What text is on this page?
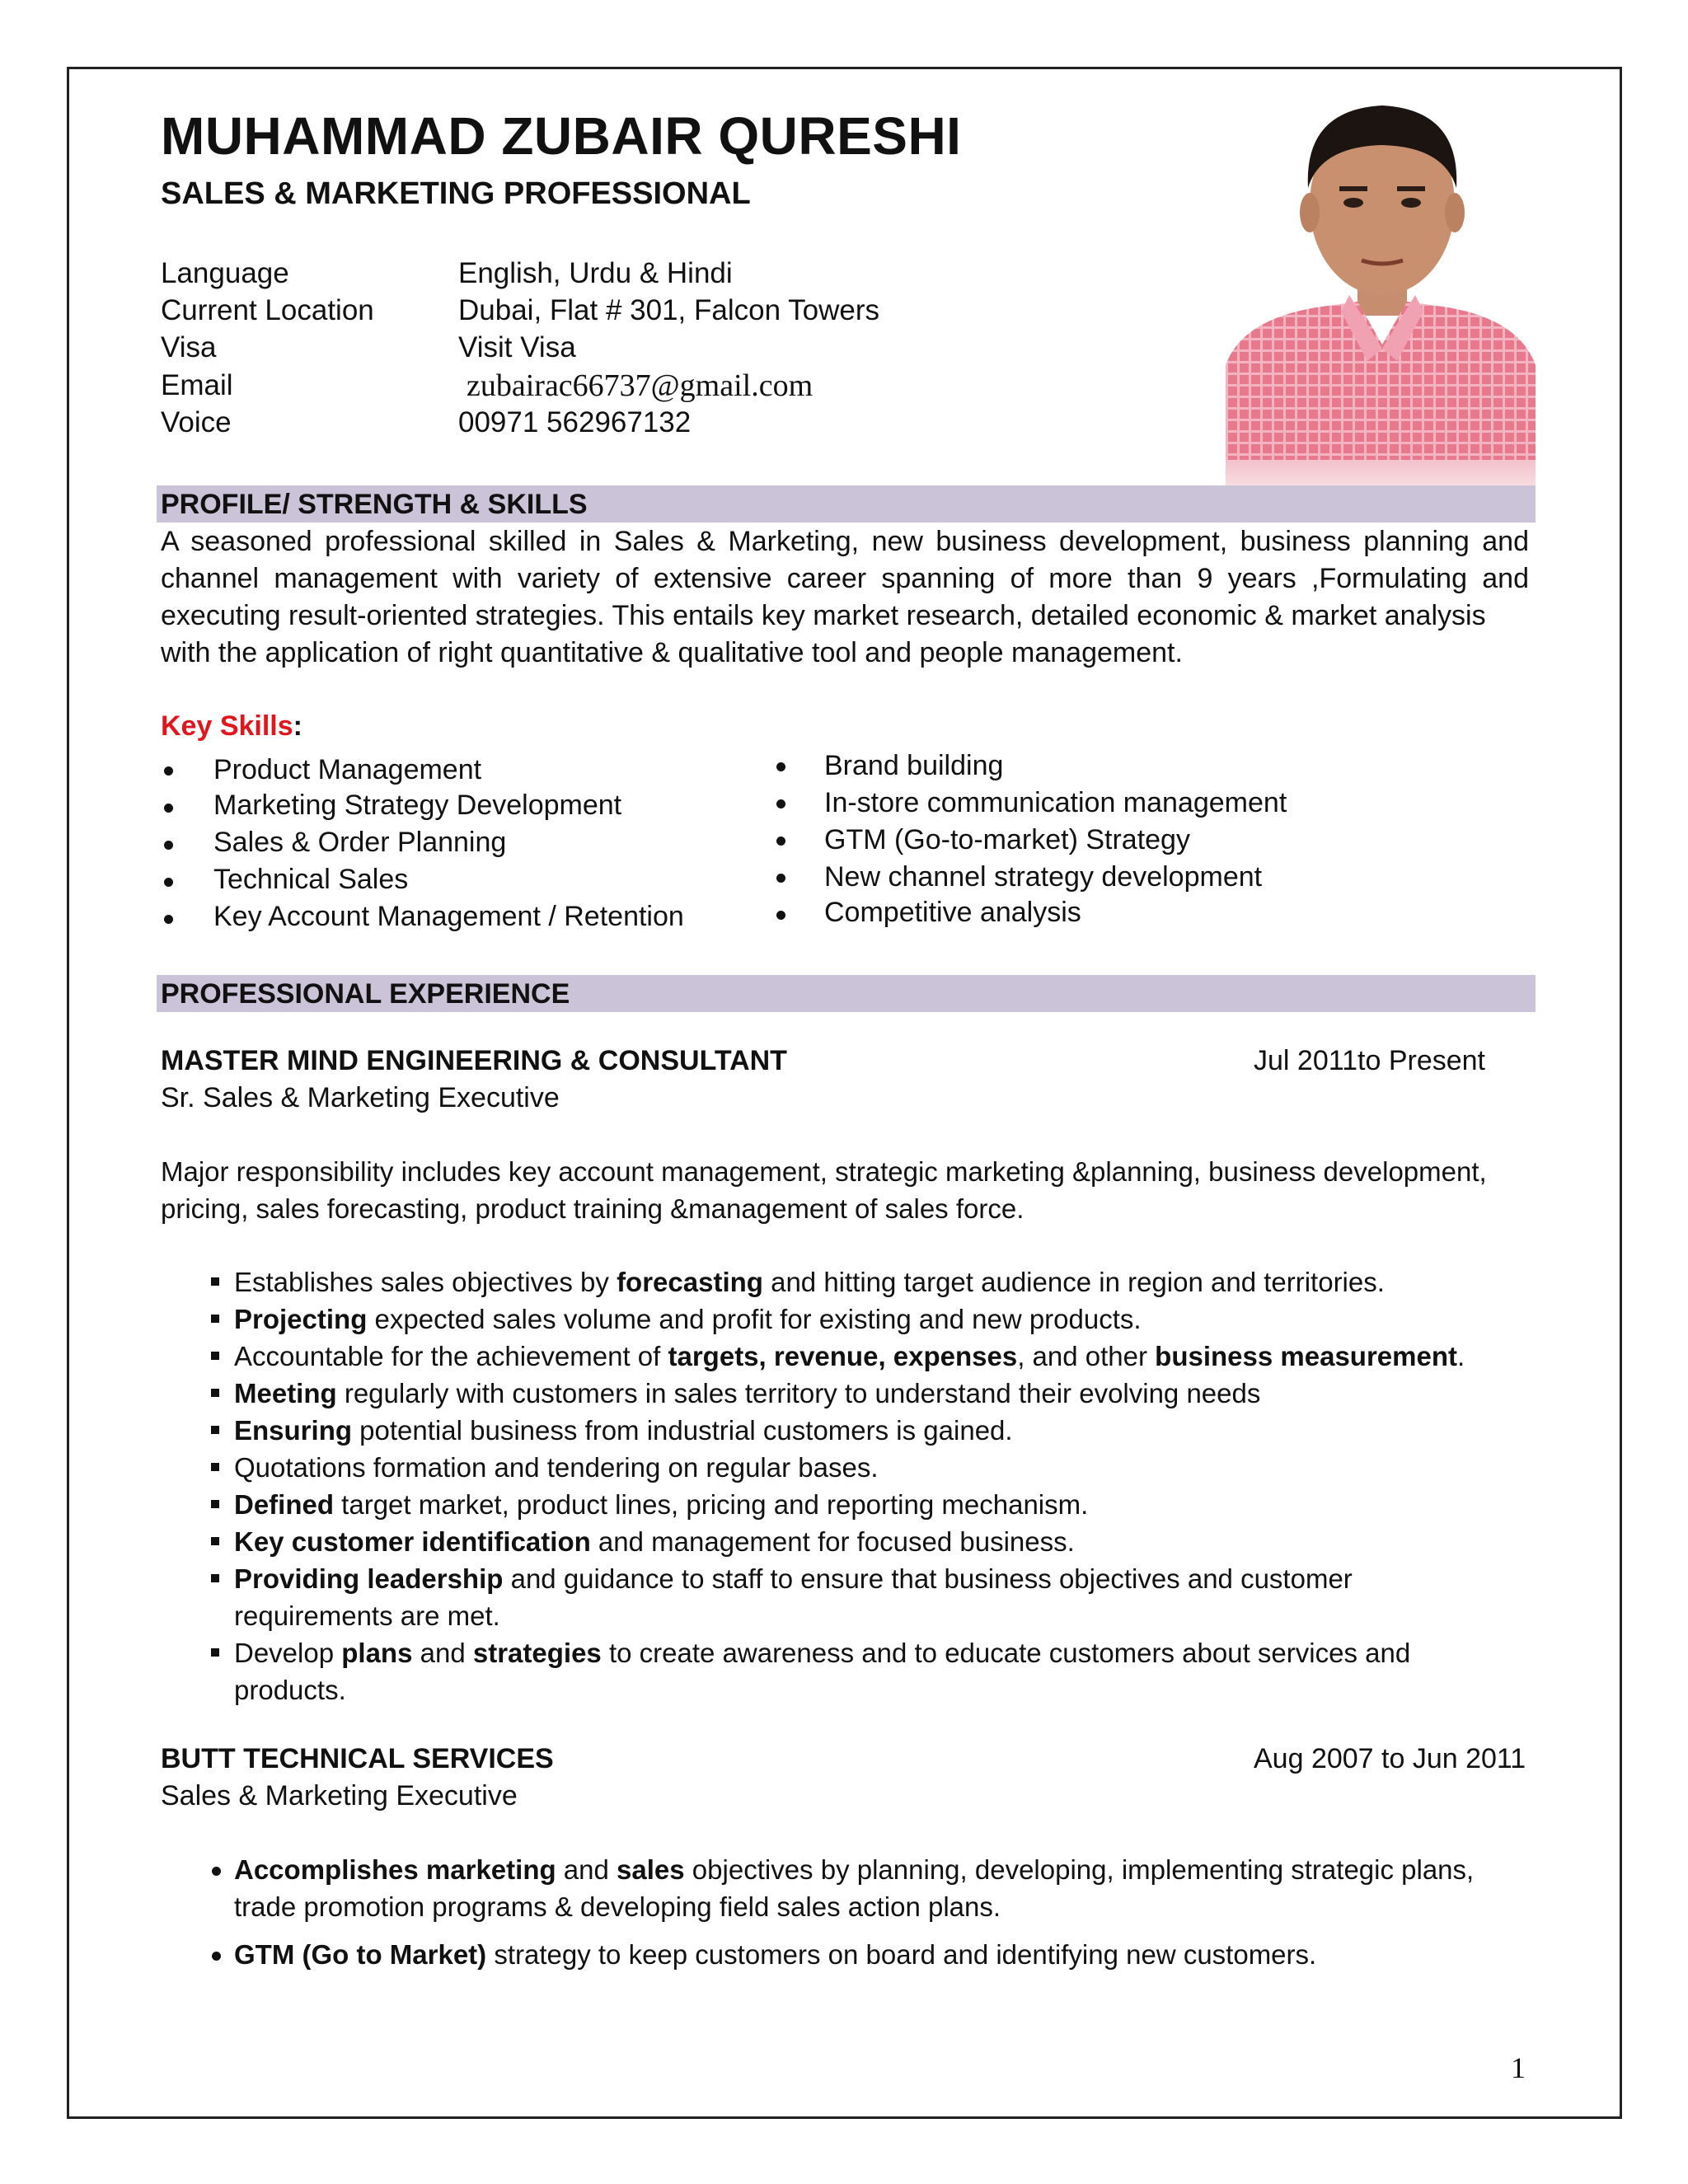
MUHAMMAD ZUBAIR QURESHI
SALES & MARKETING PROFESSIONAL
Language	English, Urdu & Hindi
Current Location	Dubai, Flat # 301, Falcon Towers
Visa	Visit Visa
Email	zubairac66737@gmail.com
Voice	00971 562967132
PROFILE/ STRENGTH & SKILLS
A seasoned professional skilled in Sales & Marketing, new business development, business planning and channel management with variety of extensive career spanning of more than 9 years ,Formulating and executing result-oriented strategies. This entails key market research, detailed economic & market analysis
with the application of right quantitative & qualitative tool and people management.
Key Skills:
Product Management
Marketing Strategy Development
Sales & Order Planning
Technical Sales
Key Account Management / Retention
Brand building
In-store communication management
GTM (Go-to-market) Strategy
New channel strategy development
Competitive analysis
PROFESSIONAL EXPERIENCE
MASTER MIND ENGINEERING & CONSULTANT	Jul 2011to Present
Sr. Sales & Marketing Executive
Major responsibility includes key account management, strategic marketing &planning, business development,
pricing, sales forecasting, product training &management of sales force.
Establishes sales objectives by forecasting and hitting target audience in region and territories.
Projecting expected sales volume and profit for existing and new products.
Accountable for the achievement of targets, revenue, expenses, and other business measurement.
Meeting regularly with customers in sales territory to understand their evolving needs
Ensuring potential business from industrial customers is gained.
Quotations formation and tendering on regular bases.
Defined target market, product lines, pricing and reporting mechanism.
Key customer identification and management for focused business.
Providing leadership and guidance to staff to ensure that business objectives and customer
requirements are met.
Develop plans and strategies to create awareness and to educate customers about services and
products.
BUTT TECHNICAL SERVICES	Aug 2007 to Jun 2011
Sales & Marketing Executive
Accomplishes marketing and sales objectives by planning, developing, implementing strategic plans,
trade promotion programs & developing field sales action plans.
GTM (Go to Market) strategy to keep customers on board and identifying new customers.
1
